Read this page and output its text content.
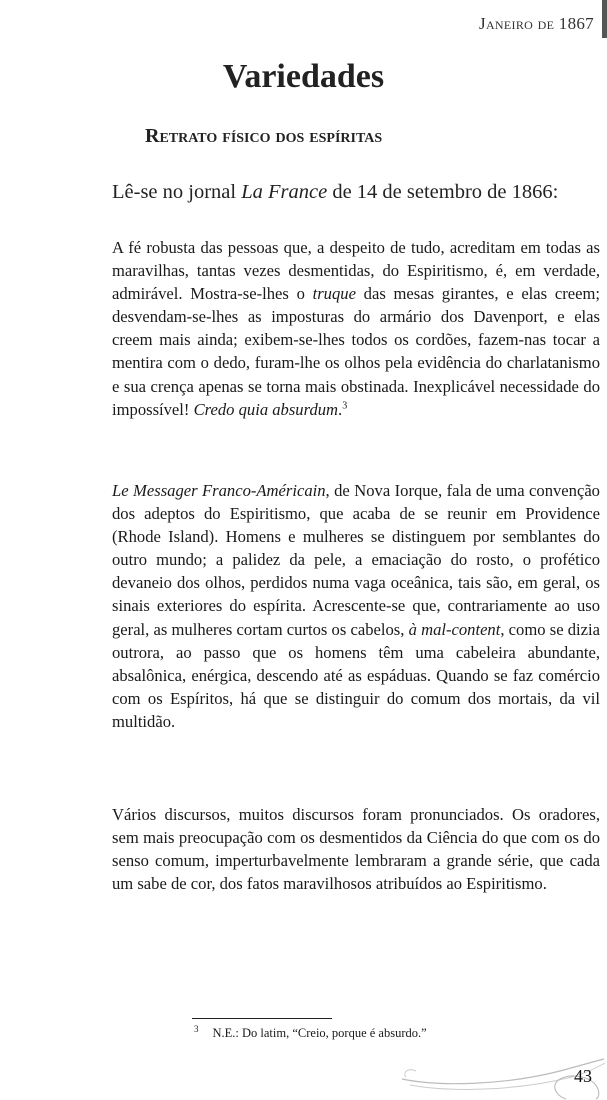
Janeiro de 1867
Variedades
Retrato físico dos espíritas

Lê-se no jornal La France de 14 de setembro de 1866:

A fé robusta das pessoas que, a despeito de tudo, acreditam em todas as maravilhas, tantas vezes desmentidas, do Espiritismo, é, em verdade, admirável. Mostra-se-lhes o truque das mesas girantes, e elas creem; desvendam-se-lhes as imposturas do armário dos Davenport, e elas creem mais ainda; exibem-se-lhes todos os cordões, fazem-nas tocar a mentira com o dedo, furam-lhe os olhos pela evidência do charlatanismo e sua crença apenas se torna mais obstinada. Inexplicável necessidade do impossível! Credo quia absurdum.$^3$

Le Messager Franco-Américain, de Nova Iorque, fala de uma convenção dos adeptos do Espiritismo, que acaba de se reunir em Providence (Rhode Island). Homens e mulheres se distinguem por semblantes do outro mundo; a palidez da pele, a emaciação do rosto, o profético devaneio dos olhos, perdidos numa vaga oceânica, tais são, em geral, os sinais exteriores do espírita. Acrescente-se que, contrariamente ao uso geral, as mulheres cortam curtos os cabelos, à mal-content, como se dizia outrora, ao passo que os homens têm uma cabeleira abundante, absalônica, enérgica, descendo até as espáduas. Quando se faz comércio com os Espíritos, há que se distinguir do comum dos mortais, da vil multidão.

Vários discursos, muitos discursos foram pronunciados. Os oradores, sem mais preocupação com os desmentidos da Ciência do que com os do senso comum, imperturbavelmente lembraram a grande série, que cada um sabe de cor, dos fatos maravilhosos atribuídos ao Espiritismo.

$^3$ N.E.: Do latim, “Creio, porque é absurdo.”

43
